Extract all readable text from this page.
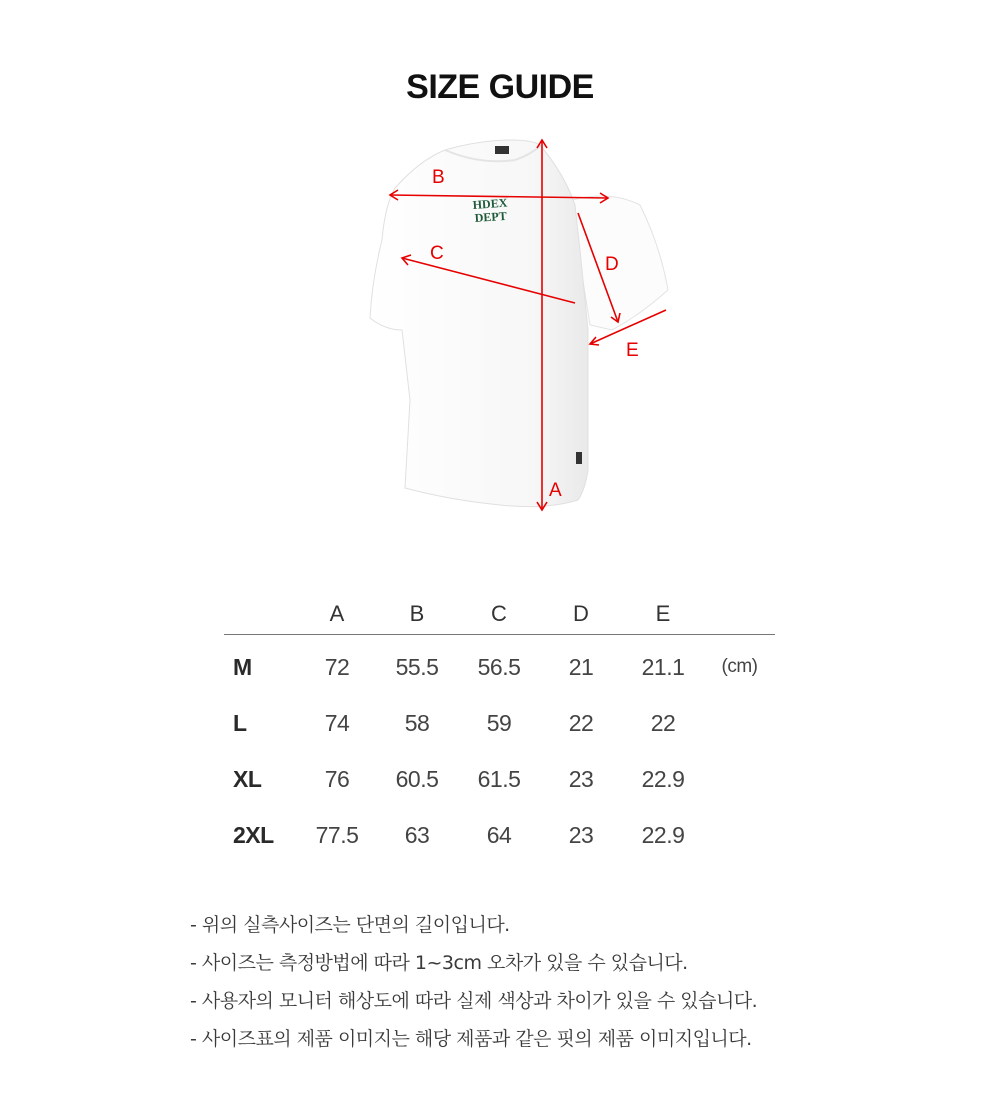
SIZE GUIDE
HDEX
DEPT
B
C
D
E
A
	A	B	C	D	E	
M	72	55.5	56.5	21	21.1	(cm)
L	74	58	59	22	22	
XL	76	60.5	61.5	23	22.9	
2XL	77.5	63	64	23	22.9	
- 위의 실측사이즈는 단면의 길이입니다.
- 사이즈는 측정방법에 따라 1~3cm 오차가 있을 수 있습니다.
- 사용자의 모니터 해상도에 따라 실제 색상과 차이가 있을 수 있습니다.
- 사이즈표의 제품 이미지는 해당 제품과 같은 핏의 제품 이미지입니다.
